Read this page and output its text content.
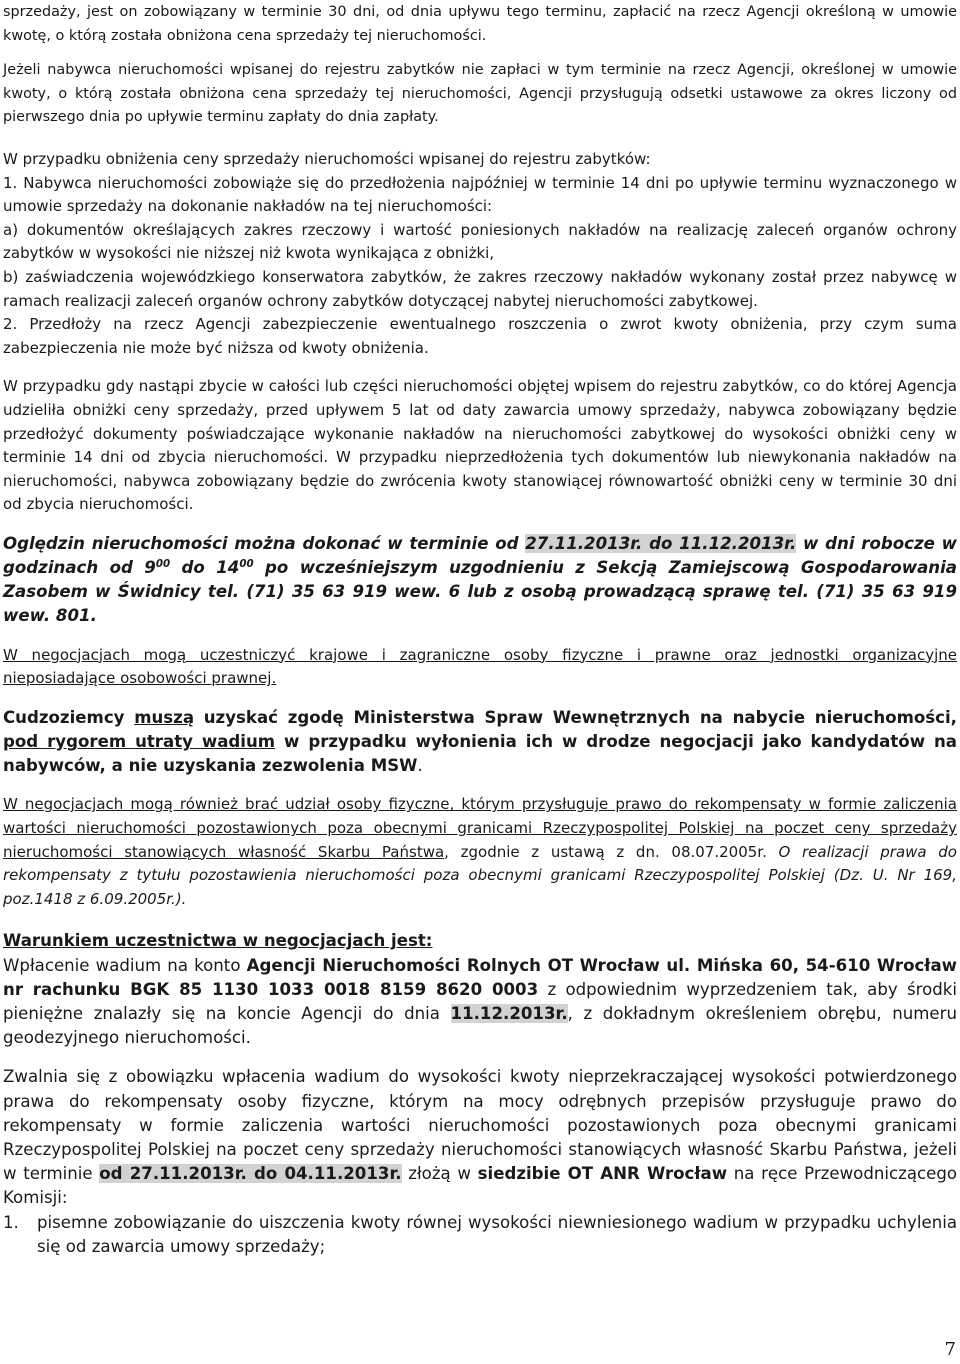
sprzedaży, jest on zobowiązany w terminie 30 dni, od dnia upływu tego terminu, zapłacić na rzecz Agencji określoną w umowie kwotę, o którą została obniżona cena sprzedaży tej nieruchomości.

Jeżeli nabywca nieruchomości wpisanej do rejestru zabytków nie zapłaci w tym terminie na rzecz Agencji, określonej w umowie kwoty, o którą została obniżona cena sprzedaży tej nieruchomości, Agencji przysługują odsetki ustawowe za okres liczony od pierwszego dnia po upływie terminu zapłaty do dnia zapłaty.

W przypadku obniżenia ceny sprzedaży nieruchomości wpisanej do rejestru zabytków:

1. Nabywca nieruchomości zobowiąże się do przedłożenia najpóźniej w terminie 14 dni po upływie terminu wyznaczonego w umowie sprzedaży na dokonanie nakładów na tej nieruchomości:

a) dokumentów określających zakres rzeczowy i wartość poniesionych nakładów na realizację zaleceń organów ochrony zabytków w wysokości nie niższej niż kwota wynikająca z obniżki,

b) zaświadczenia wojewódzkiego konserwatora zabytków, że zakres rzeczowy nakładów wykonany został przez nabywcę w ramach realizacji zaleceń organów ochrony zabytków dotyczącej nabytej nieruchomości zabytkowej.

2. Przedłoży na rzecz Agencji zabezpieczenie ewentualnego roszczenia o zwrot kwoty obniżenia, przy czym suma zabezpieczenia nie może być niższa od kwoty obniżenia.

W przypadku gdy nastąpi zbycie w całości lub części nieruchomości objętej wpisem do rejestru zabytków, co do której Agencja udzieliła obniżki ceny sprzedaży, przed upływem 5 lat od daty zawarcia umowy sprzedaży, nabywca zobowiązany będzie przedłożyć dokumenty poświadczające wykonanie nakładów na nieruchomości zabytkowej do wysokości obniżki ceny w terminie 14 dni od zbycia nieruchomości. W przypadku nieprzedłożenia tych dokumentów lub niewykonania nakładów na nieruchomości, nabywca zobowiązany będzie do zwrócenia kwoty stanowiącej równowartość obniżki ceny w terminie 30 dni od zbycia nieruchomości.

Oględzin nieruchomości można dokonać w terminie od 27.11.2013r. do 11.12.2013r. w dni robocze w godzinach od $9^{00}$ do $14^{00}$ po wcześniejszym uzgodnieniu z Sekcją Zamiejscową Gospodarowania Zasobem w Świdnicy tel. (71) 35 63 919 wew. 6 lub z osobą prowadzącą sprawę tel. (71) 35 63 919 wew. 801.

W negocjacjach mogą uczestniczyć krajowe i zagraniczne osoby fizyczne i prawne oraz jednostki organizacyjne nieposiadające osobowości prawnej.

Cudzoziemcy muszą uzyskać zgodę Ministerstwa Spraw Wewnętrznych na nabycie nieruchomości, pod rygorem utraty wadium w przypadku wyłonienia ich w drodze negocjacji jako kandydatów na nabywców, a nie uzyskania zezwolenia MSW.

W negocjacjach mogą również brać udział osoby fizyczne, którym przysługuje prawo do rekompensaty w formie zaliczenia wartości nieruchomości pozostawionych poza obecnymi granicami Rzeczypospolitej Polskiej na poczet ceny sprzedaży nieruchomości stanowiących własność Skarbu Państwa, zgodnie z ustawą z dn. 08.07.2005r. O realizacji prawa do rekompensaty z tytułu pozostawienia nieruchomości poza obecnymi granicami Rzeczypospolitej Polskiej (Dz. U. Nr 169, poz.1418 z 6.09.2005r.).

Warunkiem uczestnictwa w negocjacjach jest:

Wpłacenie wadium na konto Agencji Nieruchomości Rolnych OT Wrocław ul. Mińska 60, 54-610 Wrocław nr rachunku BGK 85 1130 1033 0018 8159 8620 0003 z odpowiednim wyprzedzeniem tak, aby środki pieniężne znalazły się na koncie Agencji do dnia 11.12.2013r., z dokładnym określeniem obrębu, numeru geodezyjnego nieruchomości.

Zwalnia się z obowiązku wpłacenia wadium do wysokości kwoty nieprzekraczającej wysokości potwierdzonego prawa do rekompensaty osoby fizyczne, którym na mocy odrębnych przepisów przysługuje prawo do rekompensaty w formie zaliczenia wartości nieruchomości pozostawionych poza obecnymi granicami Rzeczypospolitej Polskiej na poczet ceny sprzedaży nieruchomości stanowiących własność Skarbu Państwa, jeżeli w terminie od 27.11.2013r. do 04.11.2013r. złożą w siedzibie OT ANR Wrocław na ręce Przewodniczącego Komisji:

1. pisemne zobowiązanie do uiszczenia kwoty równej wysokości niewniesionego wadium w przypadku uchylenia się od zawarcia umowy sprzedaży;

7
